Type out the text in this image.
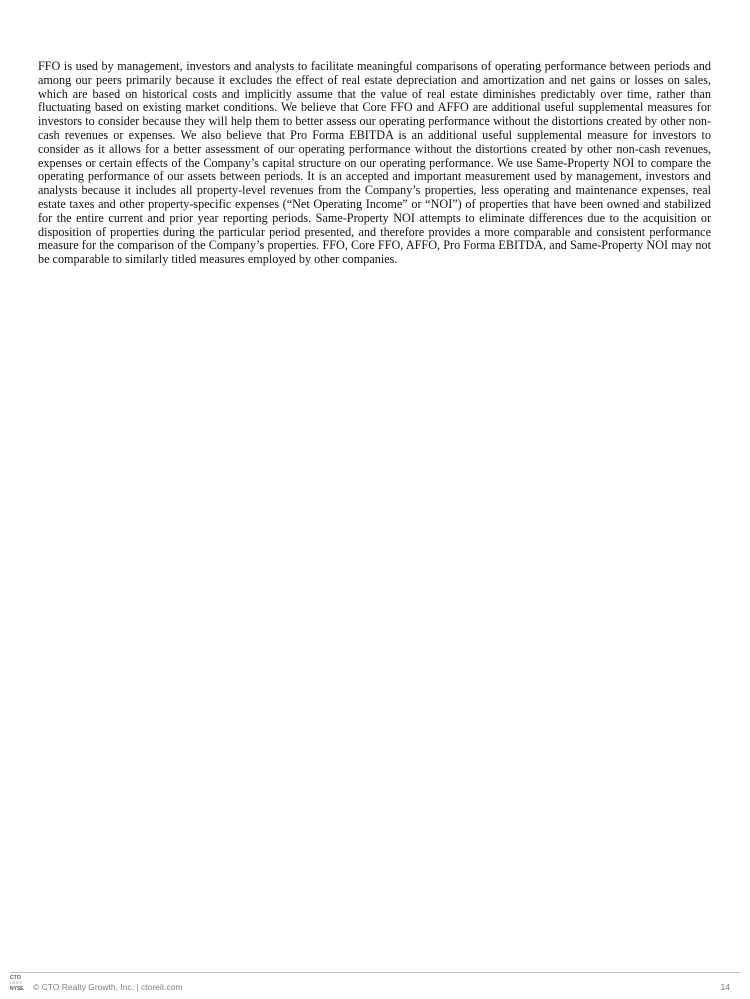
FFO is used by management, investors and analysts to facilitate meaningful comparisons of operating performance between periods and among our peers primarily because it excludes the effect of real estate depreciation and amortization and net gains or losses on sales, which are based on historical costs and implicitly assume that the value of real estate diminishes predictably over time, rather than fluctuating based on existing market conditions. We believe that Core FFO and AFFO are additional useful supplemental measures for investors to consider because they will help them to better assess our operating performance without the distortions created by other non-cash revenues or expenses. We also believe that Pro Forma EBITDA is an additional useful supplemental measure for investors to consider as it allows for a better assessment of our operating performance without the distortions created by other non-cash revenues, expenses or certain effects of the Company’s capital structure on our operating performance. We use Same-Property NOI to compare the operating performance of our assets between periods. It is an accepted and important measurement used by management, investors and analysts because it includes all property-level revenues from the Company’s properties, less operating and maintenance expenses, real estate taxes and other property-specific expenses (“Net Operating Income” or “NOI”) of properties that have been owned and stabilized for the entire current and prior year reporting periods. Same-Property NOI attempts to eliminate differences due to the acquisition or disposition of properties during the particular period presented, and therefore provides a more comparable and consistent performance measure for the comparison of the Company’s properties. FFO, Core FFO, AFFO, Pro Forma EBITDA, and Same-Property NOI may not be comparable to similarly titled measures employed by other companies.

CTO
LISTED
NYSE	© CTO Realty Growth, Inc. | ctoreit.com	14
